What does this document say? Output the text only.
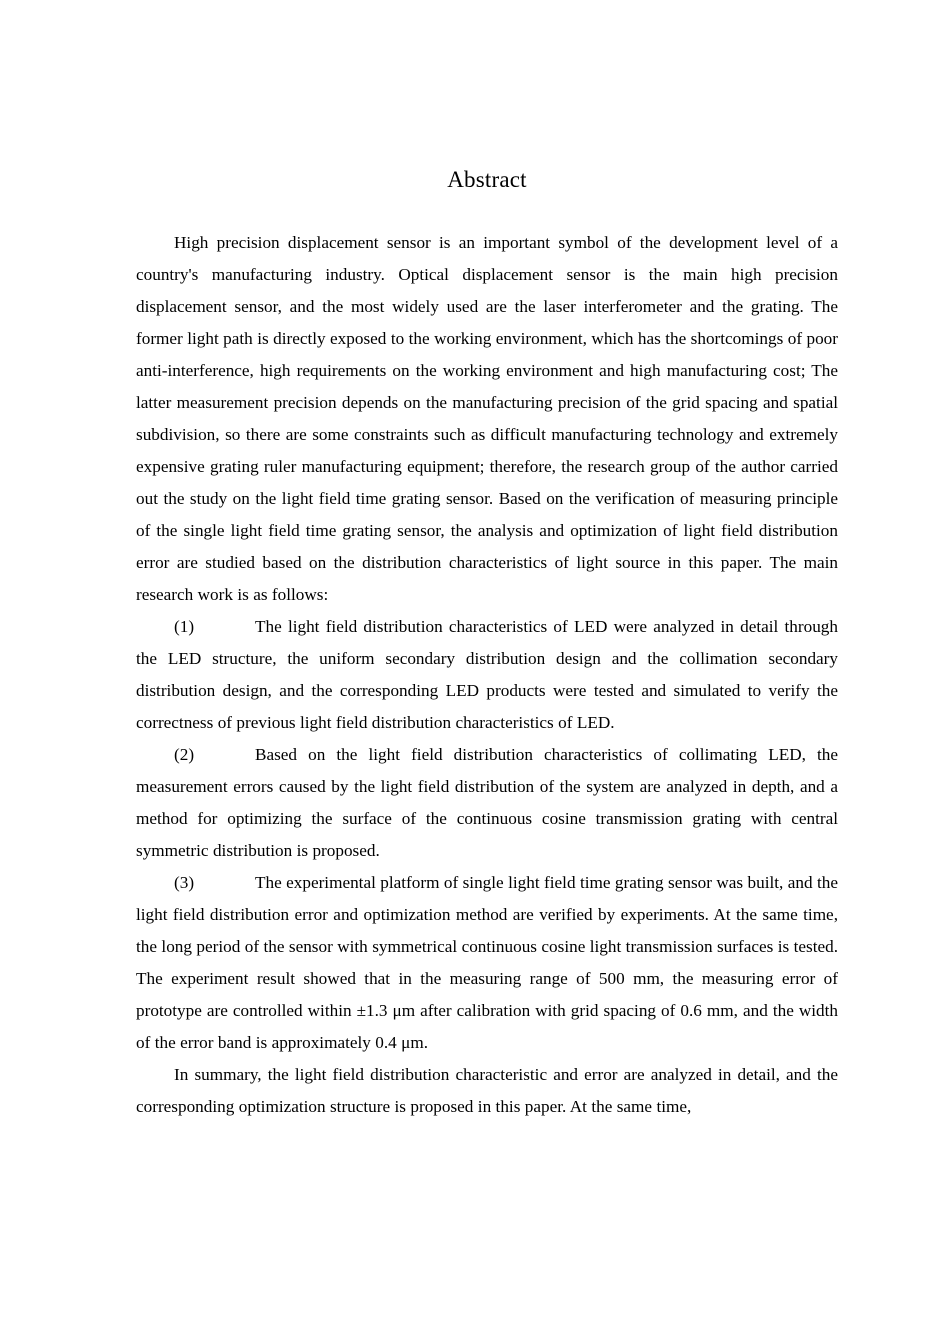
Abstract

High precision displacement sensor is an important symbol of the development level of a country's manufacturing industry. Optical displacement sensor is the main high precision displacement sensor, and the most widely used are the laser interferometer and the grating. The former light path is directly exposed to the working environment, which has the shortcomings of poor anti-interference, high requirements on the working environment and high manufacturing cost; The latter measurement precision depends on the manufacturing precision of the grid spacing and spatial subdivision, so there are some constraints such as difficult manufacturing technology and extremely expensive grating ruler manufacturing equipment; therefore, the research group of the author carried out the study on the light field time grating sensor. Based on the verification of measuring principle of the single light field time grating sensor, the analysis and optimization of light field distribution error are studied based on the distribution characteristics of light source in this paper. The main research work is as follows:

(1)	The light field distribution characteristics of LED were analyzed in detail through the LED structure, the uniform secondary distribution design and the collimation secondary distribution design, and the corresponding LED products were tested and simulated to verify the correctness of previous light field distribution characteristics of LED.

(2)	Based on the light field distribution characteristics of collimating LED, the measurement errors caused by the light field distribution of the system are analyzed in depth, and a method for optimizing the surface of the continuous cosine transmission grating with central symmetric distribution is proposed.

(3)	The experimental platform of single light field time grating sensor was built, and the light field distribution error and optimization method are verified by experiments. At the same time, the long period of the sensor with symmetrical continuous cosine light transmission surfaces is tested. The experiment result showed that in the measuring range of 500 mm, the measuring error of prototype are controlled within ±1.3 μm after calibration with grid spacing of 0.6 mm, and the width of the error band is approximately 0.4 μm.

In summary, the light field distribution characteristic and error are analyzed in detail, and the corresponding optimization structure is proposed in this paper. At the same time,
